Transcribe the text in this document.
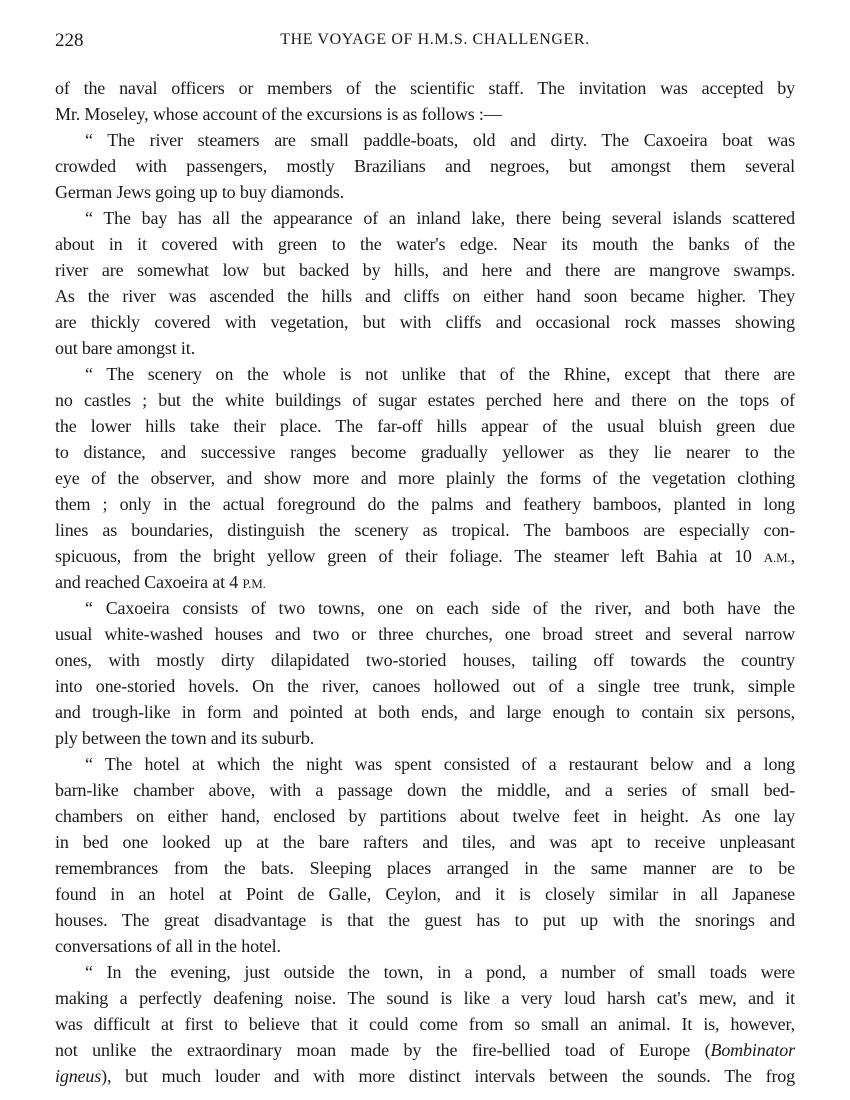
228	THE VOYAGE OF H.M.S. CHALLENGER.
of the naval officers or members of the scientific staff. The invitation was accepted by
Mr. Moseley, whose account of the excursions is as follows :—
“ The river steamers are small paddle-boats, old and dirty. The Caxoeira boat was
crowded with passengers, mostly Brazilians and negroes, but amongst them several
German Jews going up to buy diamonds.
“ The bay has all the appearance of an inland lake, there being several islands scattered
about in it covered with green to the water's edge. Near its mouth the banks of the
river are somewhat low but backed by hills, and here and there are mangrove swamps.
As the river was ascended the hills and cliffs on either hand soon became higher. They
are thickly covered with vegetation, but with cliffs and occasional rock masses showing
out bare amongst it.
“ The scenery on the whole is not unlike that of the Rhine, except that there are
no castles ; but the white buildings of sugar estates perched here and there on the tops of
the lower hills take their place. The far-off hills appear of the usual bluish green due
to distance, and successive ranges become gradually yellower as they lie nearer to the
eye of the observer, and show more and more plainly the forms of the vegetation clothing
them ; only in the actual foreground do the palms and feathery bamboos, planted in long
lines as boundaries, distinguish the scenery as tropical. The bamboos are especially con-
spicuous, from the bright yellow green of their foliage. The steamer left Bahia at 10 A.M.,
and reached Caxoeira at 4 P.M.
“ Caxoeira consists of two towns, one on each side of the river, and both have the
usual white-washed houses and two or three churches, one broad street and several narrow
ones, with mostly dirty dilapidated two-storied houses, tailing off towards the country
into one-storied hovels. On the river, canoes hollowed out of a single tree trunk, simple
and trough-like in form and pointed at both ends, and large enough to contain six persons,
ply between the town and its suburb.
“ The hotel at which the night was spent consisted of a restaurant below and a long
barn-like chamber above, with a passage down the middle, and a series of small bed-
chambers on either hand, enclosed by partitions about twelve feet in height. As one lay
in bed one looked up at the bare rafters and tiles, and was apt to receive unpleasant
remembrances from the bats. Sleeping places arranged in the same manner are to be
found in an hotel at Point de Galle, Ceylon, and it is closely similar in all Japanese
houses. The great disadvantage is that the guest has to put up with the snorings and
conversations of all in the hotel.
“ In the evening, just outside the town, in a pond, a number of small toads were
making a perfectly deafening noise. The sound is like a very loud harsh cat's mew, and it
was difficult at first to believe that it could come from so small an animal. It is, however,
not unlike the extraordinary moan made by the fire-bellied toad of Europe (Bombinator
igneus), but much louder and with more distinct intervals between the sounds. The frog
